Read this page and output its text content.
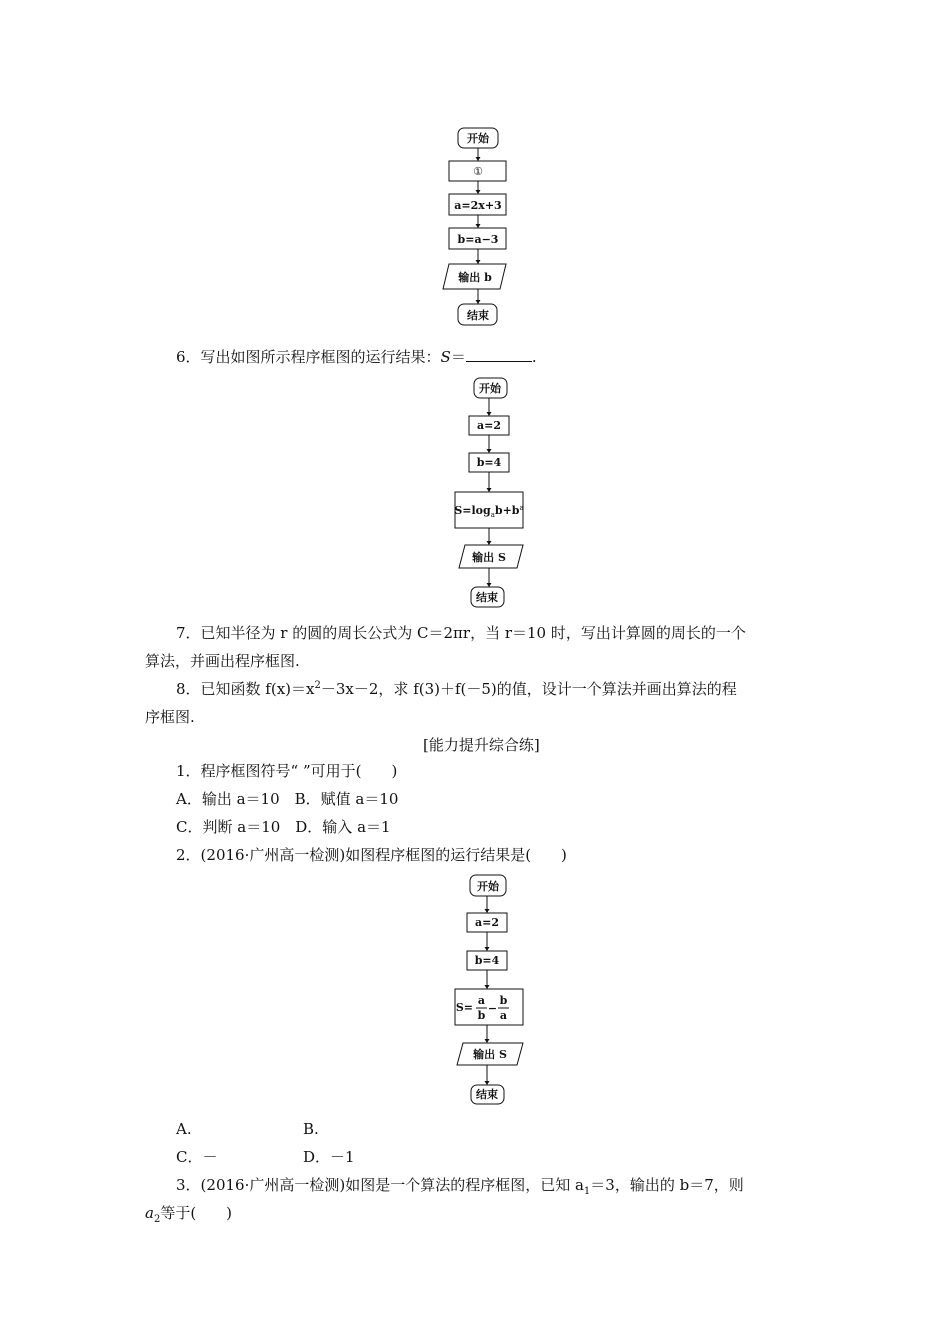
开始
①
a=2x+3
b=a−3
输出 b
结束
6．写出如图所示程序框图的运行结果：S＝	.
开始
a=2
b=4
$S=\log_ab+b^a$
输出 S
结束
7．已知半径为 r 的圆的周长公式为 C＝2πr，当 r＝10 时，写出计算圆的周长的一个
算法，并画出程序框图.
8．已知函数 $f(x)=x^2-3x-2$，求 f(3)＋f(－5)的值，设计一个算法并画出算法的程
序框图.
[能力提升综合练]
1．程序框图符号“ ”可用于(　　)
A．输出 a＝10　B．赋值 a＝10
C．判断 a＝10　D．输入 a＝1
2．(2016·广州高一检测)如图程序框图的运行结果是(　　)
开始
a=2
b=4
S=
a
b
−
b
a
输出 S
结束
A.	B.
C．－	D．－1
3．(2016·广州高一检测)如图是一个算法的程序框图，已知 $a_1=3$，输出的 b＝7，则
$a_2$等于(　　)
